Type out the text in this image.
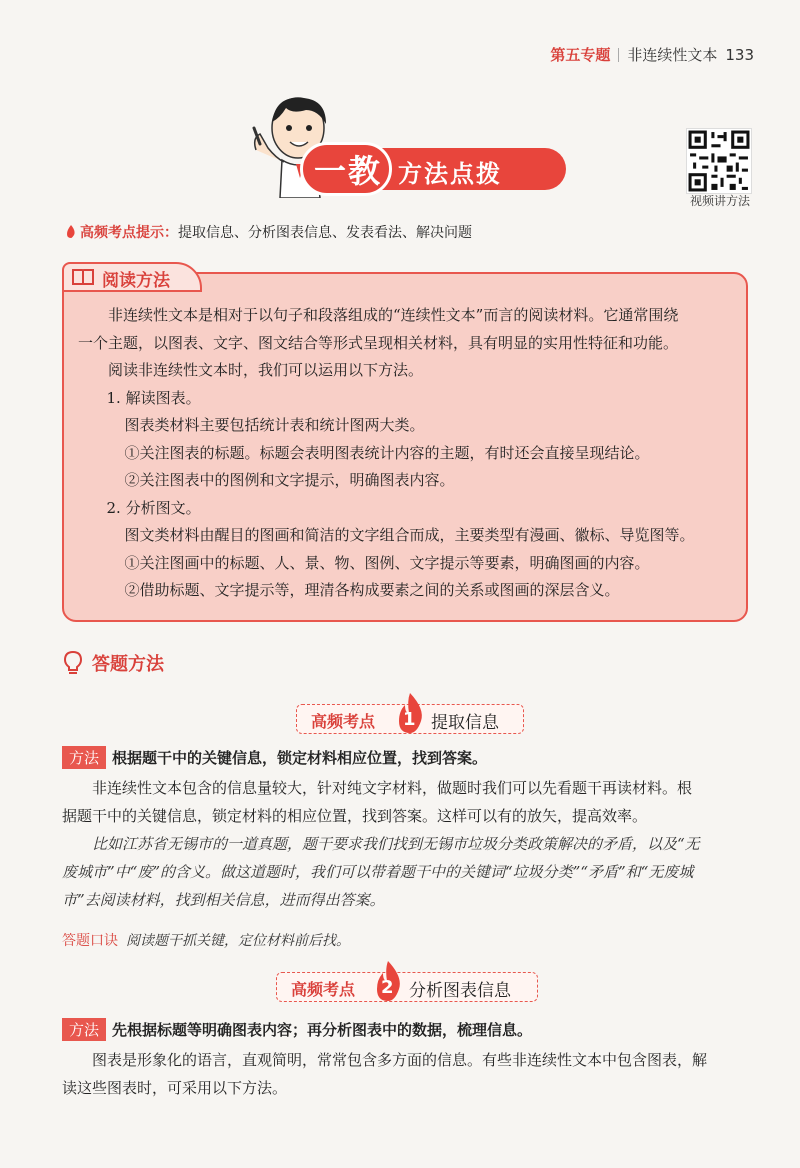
第五专题 非连续性文本 133
一教 方法点拨
视频讲方法
高频考点提示：提取信息、分析图表信息、发表看法、解决问题
阅读方法

非连续性文本是相对于以句子和段落组成的“连续性文本”而言的阅读材料。它通常围绕

一个主题，以图表、文字、图文结合等形式呈现相关材料，具有明显的实用性特征和功能。

阅读非连续性文本时，我们可以运用以下方法。

1. 解读图表。

图表类材料主要包括统计表和统计图两大类。

①关注图表的标题。标题会表明图表统计内容的主题，有时还会直接呈现结论。

②关注图表中的图例和文字提示，明确图表内容。

2. 分析图文。

图文类材料由醒目的图画和简洁的文字组合而成，主要类型有漫画、徽标、导览图等。

①关注图画中的标题、人、景、物、图例、文字提示等要素，明确图画的内容。

②借助标题、文字提示等，理清各构成要素之间的关系或图画的深层含义。

答题方法
高频考点 1 提取信息
方法 根据题干中的关键信息，锁定材料相应位置，找到答案。

非连续性文本包含的信息量较大，针对纯文字材料，做题时我们可以先看题干再读材料。根

据题干中的关键信息，锁定材料的相应位置，找到答案。这样可以有的放矢，提高效率。

比如江苏省无锡市的一道真题，题干要求我们找到无锡市垃圾分类政策解决的矛盾，以及“无

废城市”中“废”的含义。做这道题时，我们可以带着题干中的关键词“垃圾分类”“矛盾”和“无废城

市”去阅读材料，找到相关信息，进而得出答案。

答题口诀 阅读题干抓关键，定位材料前后找。
高频考点 2 分析图表信息
方法 先根据标题等明确图表内容；再分析图表中的数据，梳理信息。

图表是形象化的语言，直观简明，常常包含多方面的信息。有些非连续性文本中包含图表，解

读这些图表时，可采用以下方法。
